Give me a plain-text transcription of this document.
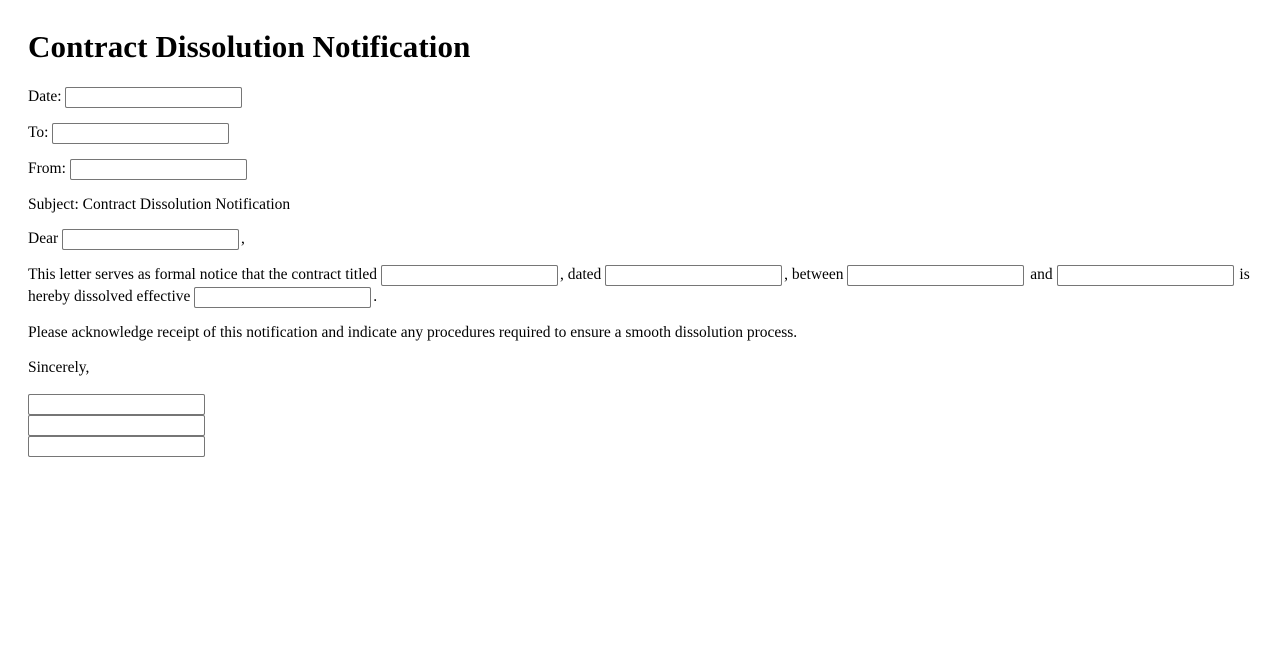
Contract Dissolution Notification

Date:

To:

From:

Subject: Contract Dissolution Notification

Dear	,

This letter serves as formal notice that the contract titled	, dated	, between	and	is hereby dissolved effective	.

Please acknowledge receipt of this notification and indicate any procedures required to ensure a smooth dissolution process.

Sincerely,
